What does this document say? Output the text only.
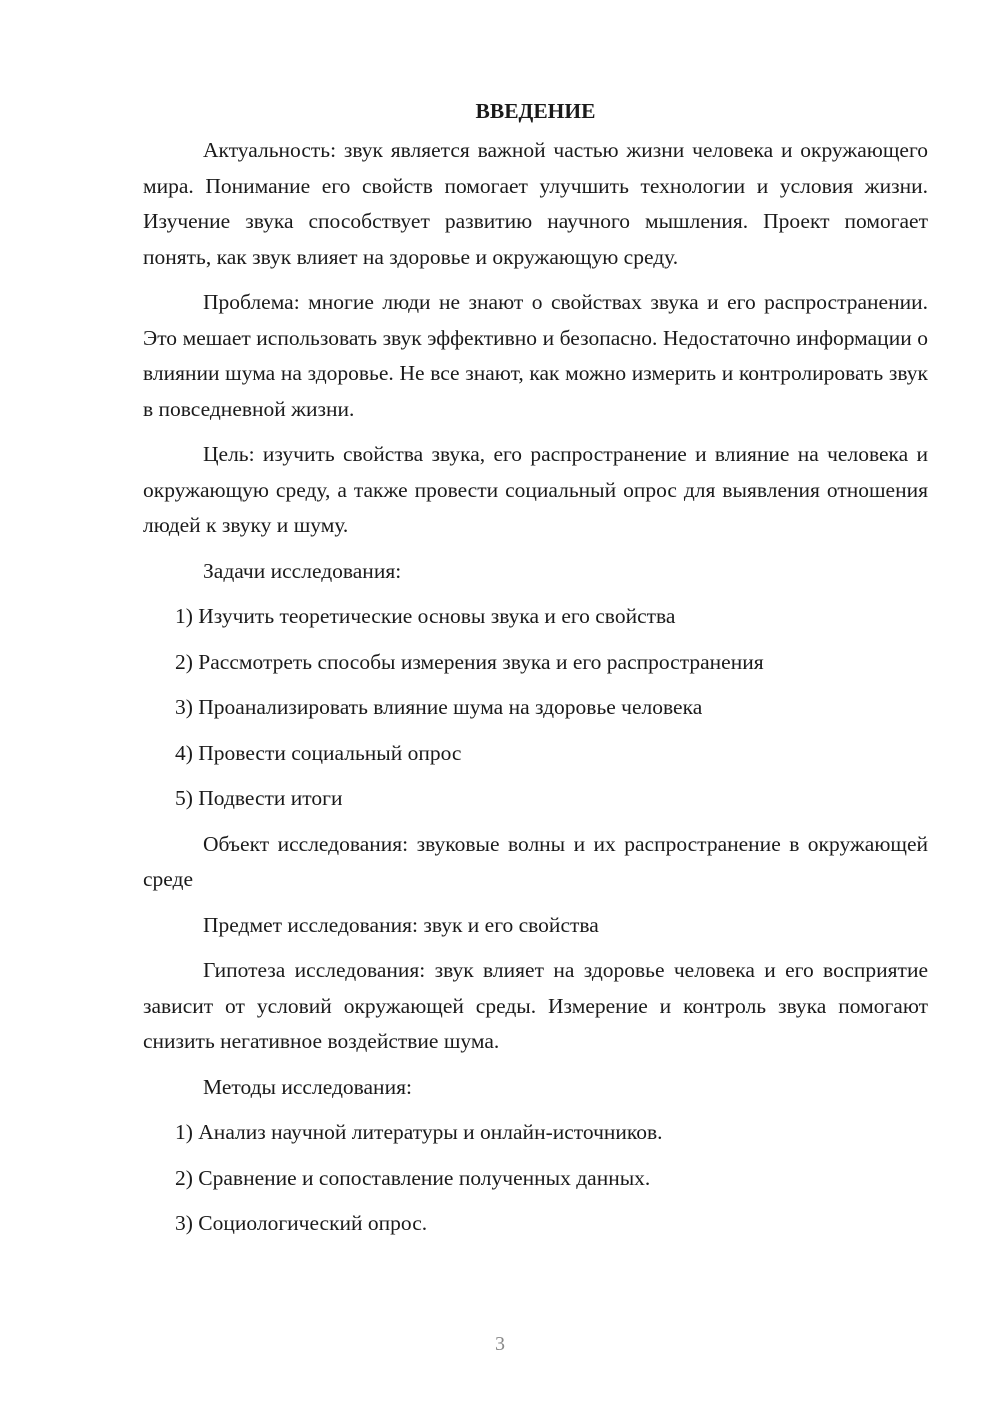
ВВЕДЕНИЕ

Актуальность: звук является важной частью жизни человека и окружающего мира. Понимание его свойств помогает улучшить технологии и условия жизни. Изучение звука способствует развитию научного мышления. Проект помогает понять, как звук влияет на здоровье и окружающую среду.

Проблема: многие люди не знают о свойствах звука и его распространении. Это мешает использовать звук эффективно и безопасно. Недостаточно информации о влиянии шума на здоровье. Не все знают, как можно измерить и контролировать звук в повседневной жизни.

Цель: изучить свойства звука, его распространение и влияние на человека и окружающую среду, а также провести социальный опрос для выявления отношения людей к звуку и шуму.

Задачи исследования:

1) Изучить теоретические основы звука и его свойства
2) Рассмотреть способы измерения звука и его распространения
3) Проанализировать влияние шума на здоровье человека
4) Провести социальный опрос
5) Подвести итоги

Объект исследования: звуковые волны и их распространение в окружающей среде

Предмет исследования: звук и его свойства

Гипотеза исследования: звук влияет на здоровье человека и его восприятие зависит от условий окружающей среды. Измерение и контроль звука помогают снизить негативное воздействие шума.

Методы исследования:

1) Анализ научной литературы и онлайн-источников.
2) Сравнение и сопоставление полученных данных.
3) Социологический опрос.
3
